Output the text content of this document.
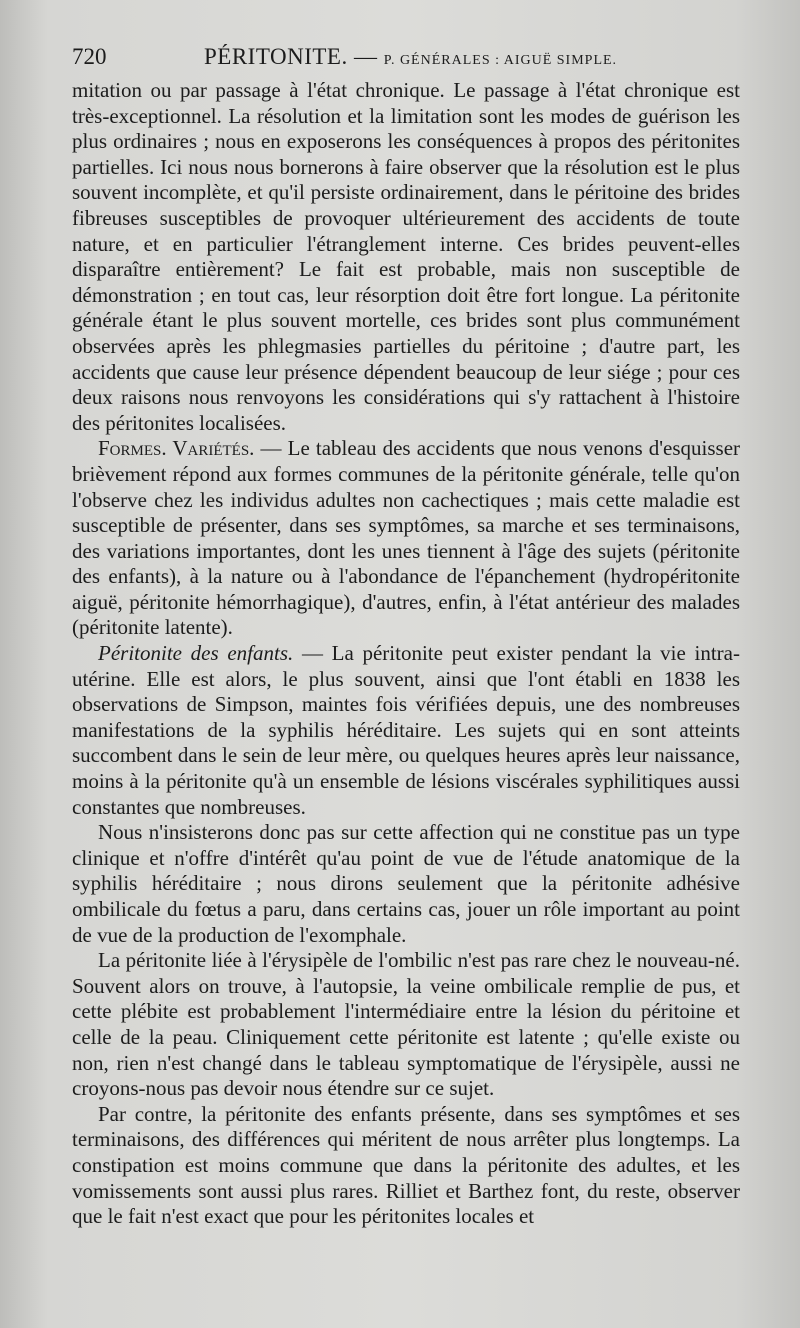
720	PÉRITONITE. — P. GÉNÉRALES : AIGUË SIMPLE.

mitation ou par passage à l'état chronique. Le passage à l'état chronique est très-exceptionnel. La résolution et la limitation sont les modes de guérison les plus ordinaires ; nous en exposerons les conséquences à propos des péritonites partielles. Ici nous nous bornerons à faire observer que la résolution est le plus souvent incomplète, et qu'il persiste ordinairement, dans le péritoine des brides fibreuses susceptibles de provoquer ultérieurement des accidents de toute nature, et en particulier l'étranglement interne. Ces brides peuvent-elles disparaître entièrement? Le fait est probable, mais non susceptible de démonstration ; en tout cas, leur résorption doit être fort longue. La péritonite générale étant le plus souvent mortelle, ces brides sont plus communément observées après les phlegmasies partielles du péritoine ; d'autre part, les accidents que cause leur présence dépendent beaucoup de leur siége ; pour ces deux raisons nous renvoyons les considérations qui s'y rattachent à l'histoire des péritonites localisées.

Formes. Variétés. — Le tableau des accidents que nous venons d'esquisser brièvement répond aux formes communes de la péritonite générale, telle qu'on l'observe chez les individus adultes non cachectiques ; mais cette maladie est susceptible de présenter, dans ses symptômes, sa marche et ses terminaisons, des variations importantes, dont les unes tiennent à l'âge des sujets (péritonite des enfants), à la nature ou à l'abondance de l'épanchement (hydropéritonite aiguë, péritonite hémorrhagique), d'autres, enfin, à l'état antérieur des malades (péritonite latente).

Péritonite des enfants. — La péritonite peut exister pendant la vie intra-utérine. Elle est alors, le plus souvent, ainsi que l'ont établi en 1838 les observations de Simpson, maintes fois vérifiées depuis, une des nombreuses manifestations de la syphilis héréditaire. Les sujets qui en sont atteints succombent dans le sein de leur mère, ou quelques heures après leur naissance, moins à la péritonite qu'à un ensemble de lésions viscérales syphilitiques aussi constantes que nombreuses.

Nous n'insisterons donc pas sur cette affection qui ne constitue pas un type clinique et n'offre d'intérêt qu'au point de vue de l'étude anatomique de la syphilis héréditaire ; nous dirons seulement que la péritonite adhésive ombilicale du fœtus a paru, dans certains cas, jouer un rôle important au point de vue de la production de l'exomphale.

La péritonite liée à l'érysipèle de l'ombilic n'est pas rare chez le nouveau-né. Souvent alors on trouve, à l'autopsie, la veine ombilicale remplie de pus, et cette plébite est probablement l'intermédiaire entre la lésion du péritoine et celle de la peau. Cliniquement cette péritonite est latente ; qu'elle existe ou non, rien n'est changé dans le tableau symptomatique de l'érysipèle, aussi ne croyons-nous pas devoir nous étendre sur ce sujet.

Par contre, la péritonite des enfants présente, dans ses symptômes et ses terminaisons, des différences qui méritent de nous arrêter plus longtemps. La constipation est moins commune que dans la péritonite des adultes, et les vomissements sont aussi plus rares. Rilliet et Barthez font, du reste, observer que le fait n'est exact que pour les péritonites locales et
